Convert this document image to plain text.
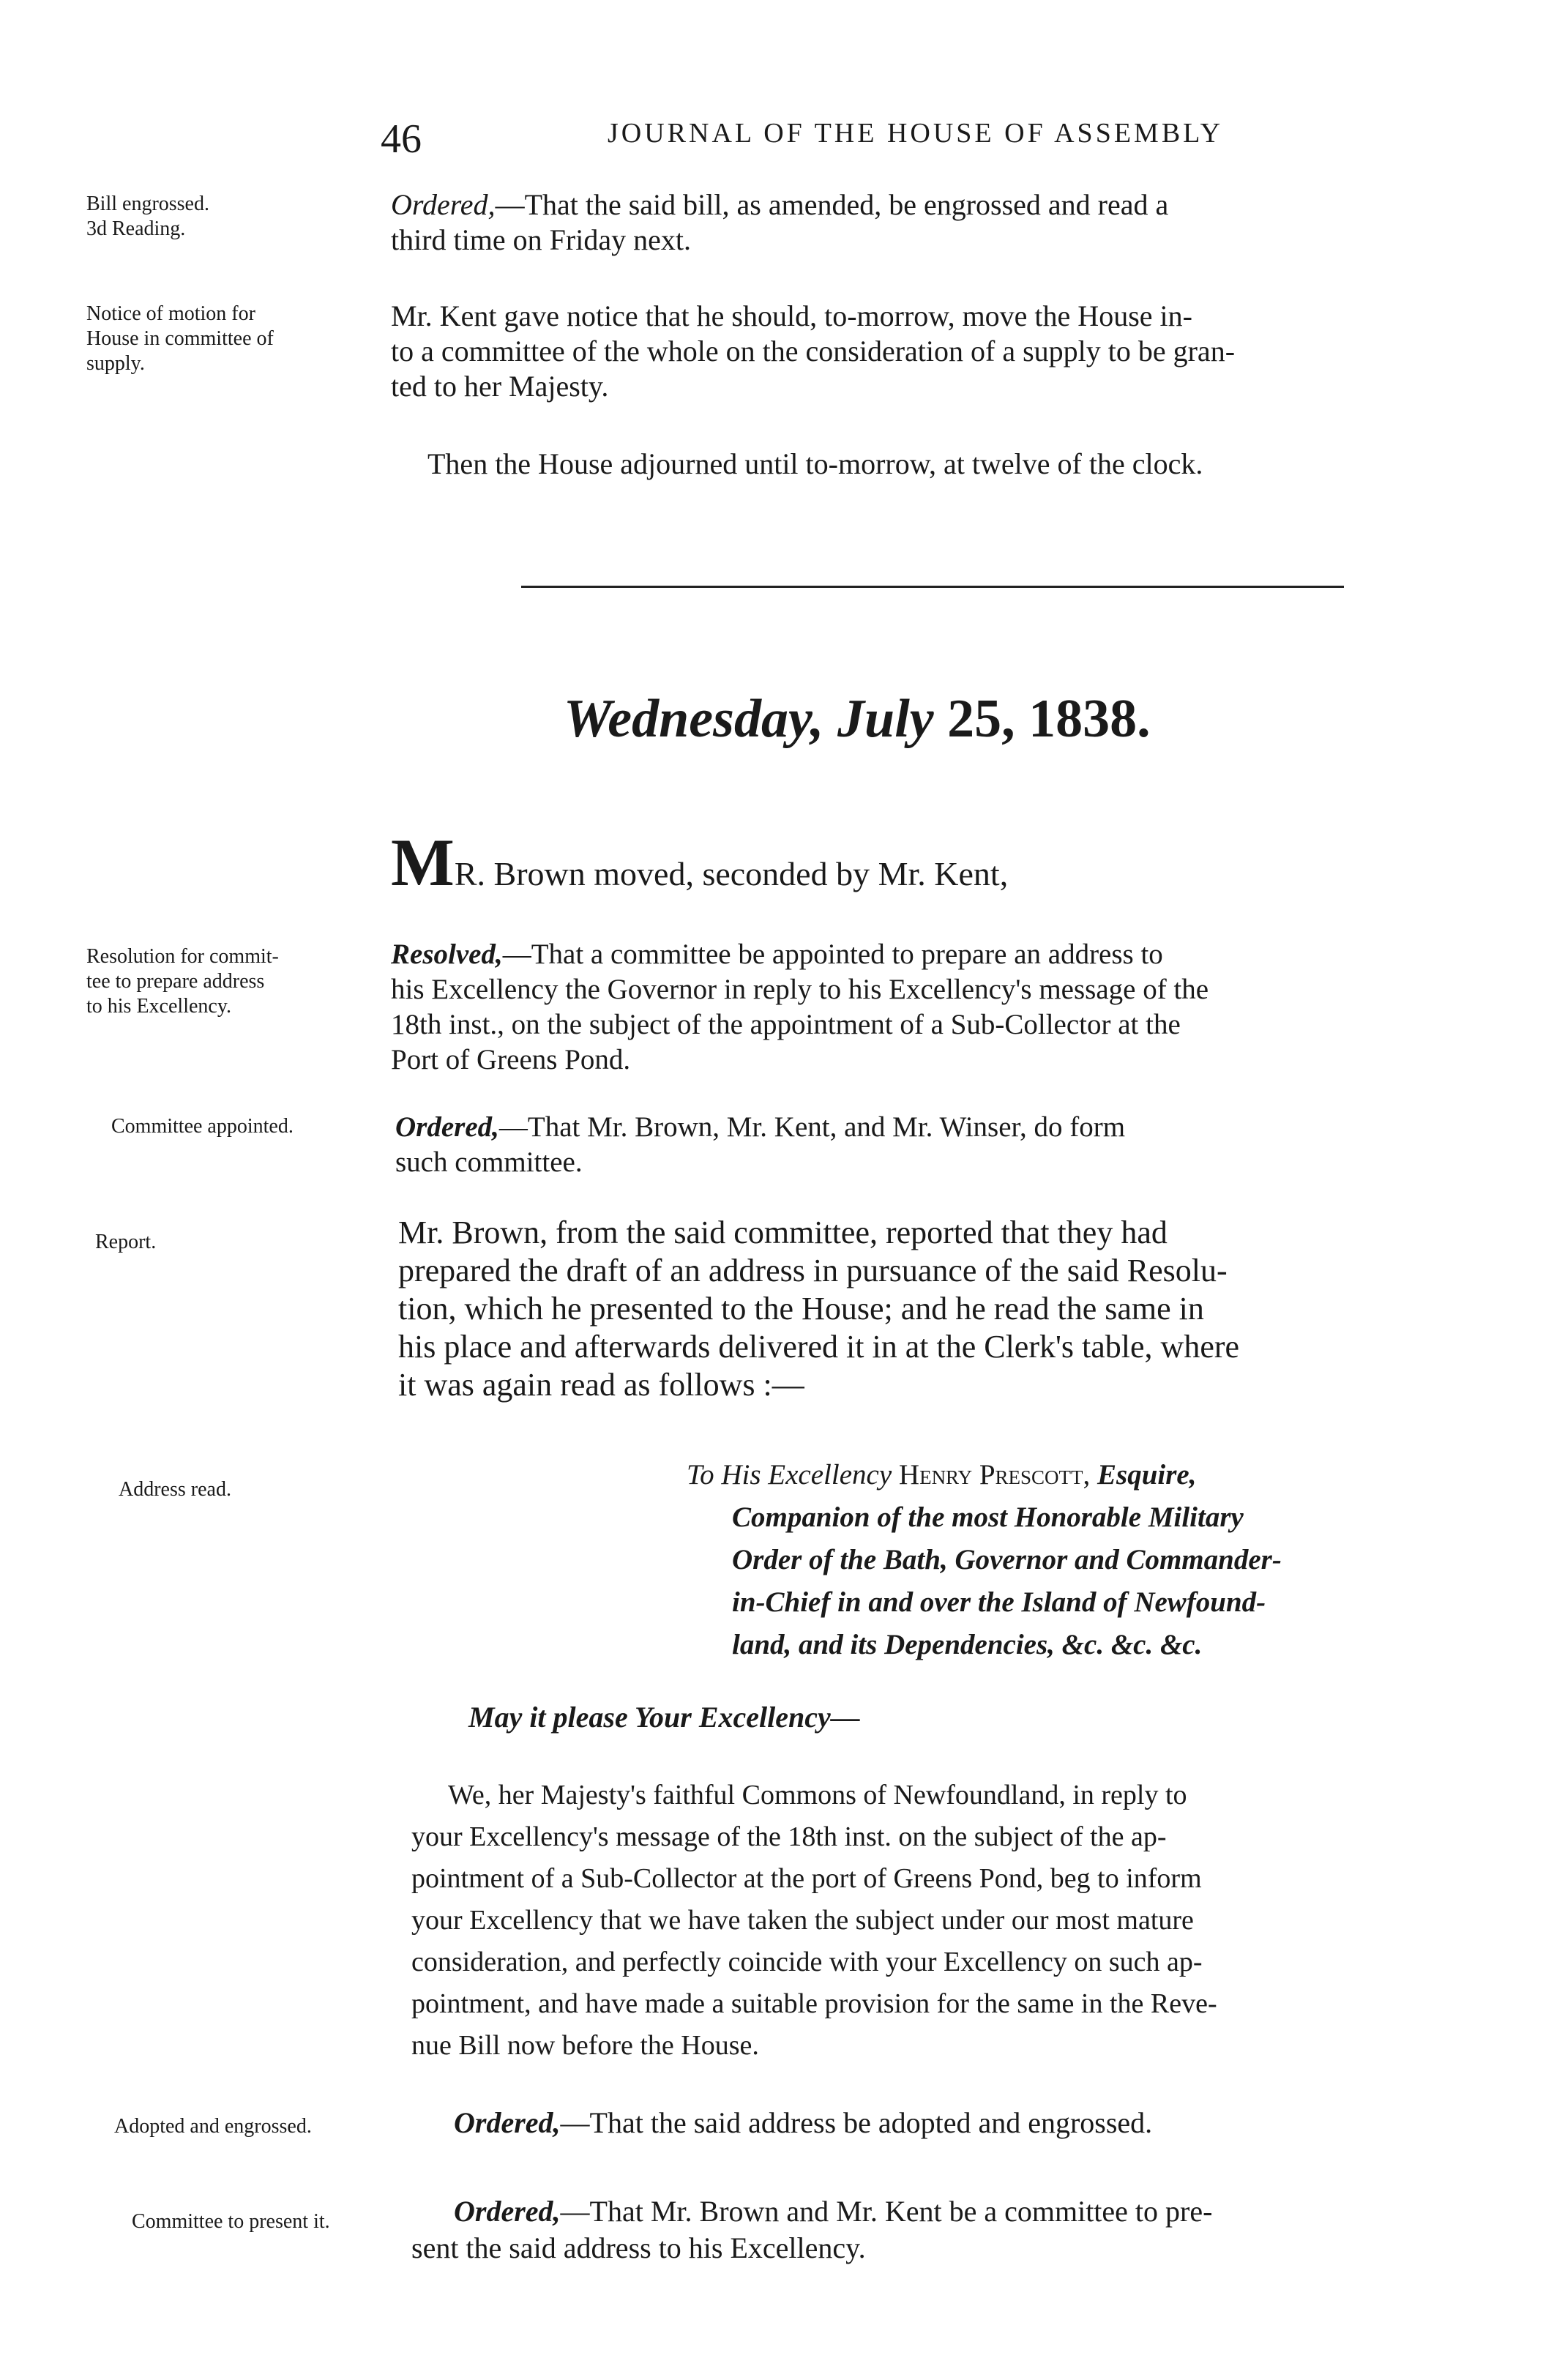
46	JOURNAL OF THE HOUSE OF ASSEMBLY
Bill engrossed.
3d Reading.
Notice of motion for
House in committee of
supply.
Resolution for commit-
tee to prepare address
to his Excellency.
Committee appointed.
Report.
Address read.
Adopted and engrossed.
Committee to present it.
Ordered,—That the said bill, as amended, be engrossed and read a
third time on Friday next.
Mr. Kent gave notice that he should, to-morrow, move the House in-
to a committee of the whole on the consideration of a supply to be gran-
ted to her Majesty.
Then the House adjourned until to-morrow, at twelve of the clock.
Wednesday, July 25, 1838.
MR. Brown moved, seconded by Mr. Kent,
Resolved,—That a committee be appointed to prepare an address to
his Excellency the Governor in reply to his Excellency's message of the
18th inst., on the subject of the appointment of a Sub-Collector at the
Port of Greens Pond.
Ordered,—That Mr. Brown, Mr. Kent, and Mr. Winser, do form
such committee.
Mr. Brown, from the said committee, reported that they had
prepared the draft of an address in pursuance of the said Resolu-
tion, which he presented to the House; and he read the same in
his place and afterwards delivered it in at the Clerk's table, where
it was again read as follows :—
To His Excellency Henry Prescott, Esquire,
Companion of the most Honorable Military
Order of the Bath, Governor and Commander-
in-Chief in and over the Island of Newfound-
land, and its Dependencies, &c. &c. &c.
May it please Your Excellency—
We, her Majesty's faithful Commons of Newfoundland, in reply to
your Excellency's message of the 18th inst. on the subject of the ap-
pointment of a Sub-Collector at the port of Greens Pond, beg to inform
your Excellency that we have taken the subject under our most mature
consideration, and perfectly coincide with your Excellency on such ap-
pointment, and have made a suitable provision for the same in the Reve-
nue Bill now before the House.
Ordered,—That the said address be adopted and engrossed.
Ordered,—That Mr. Brown and Mr. Kent be a committee to pre-
sent the said address to his Excellency.
